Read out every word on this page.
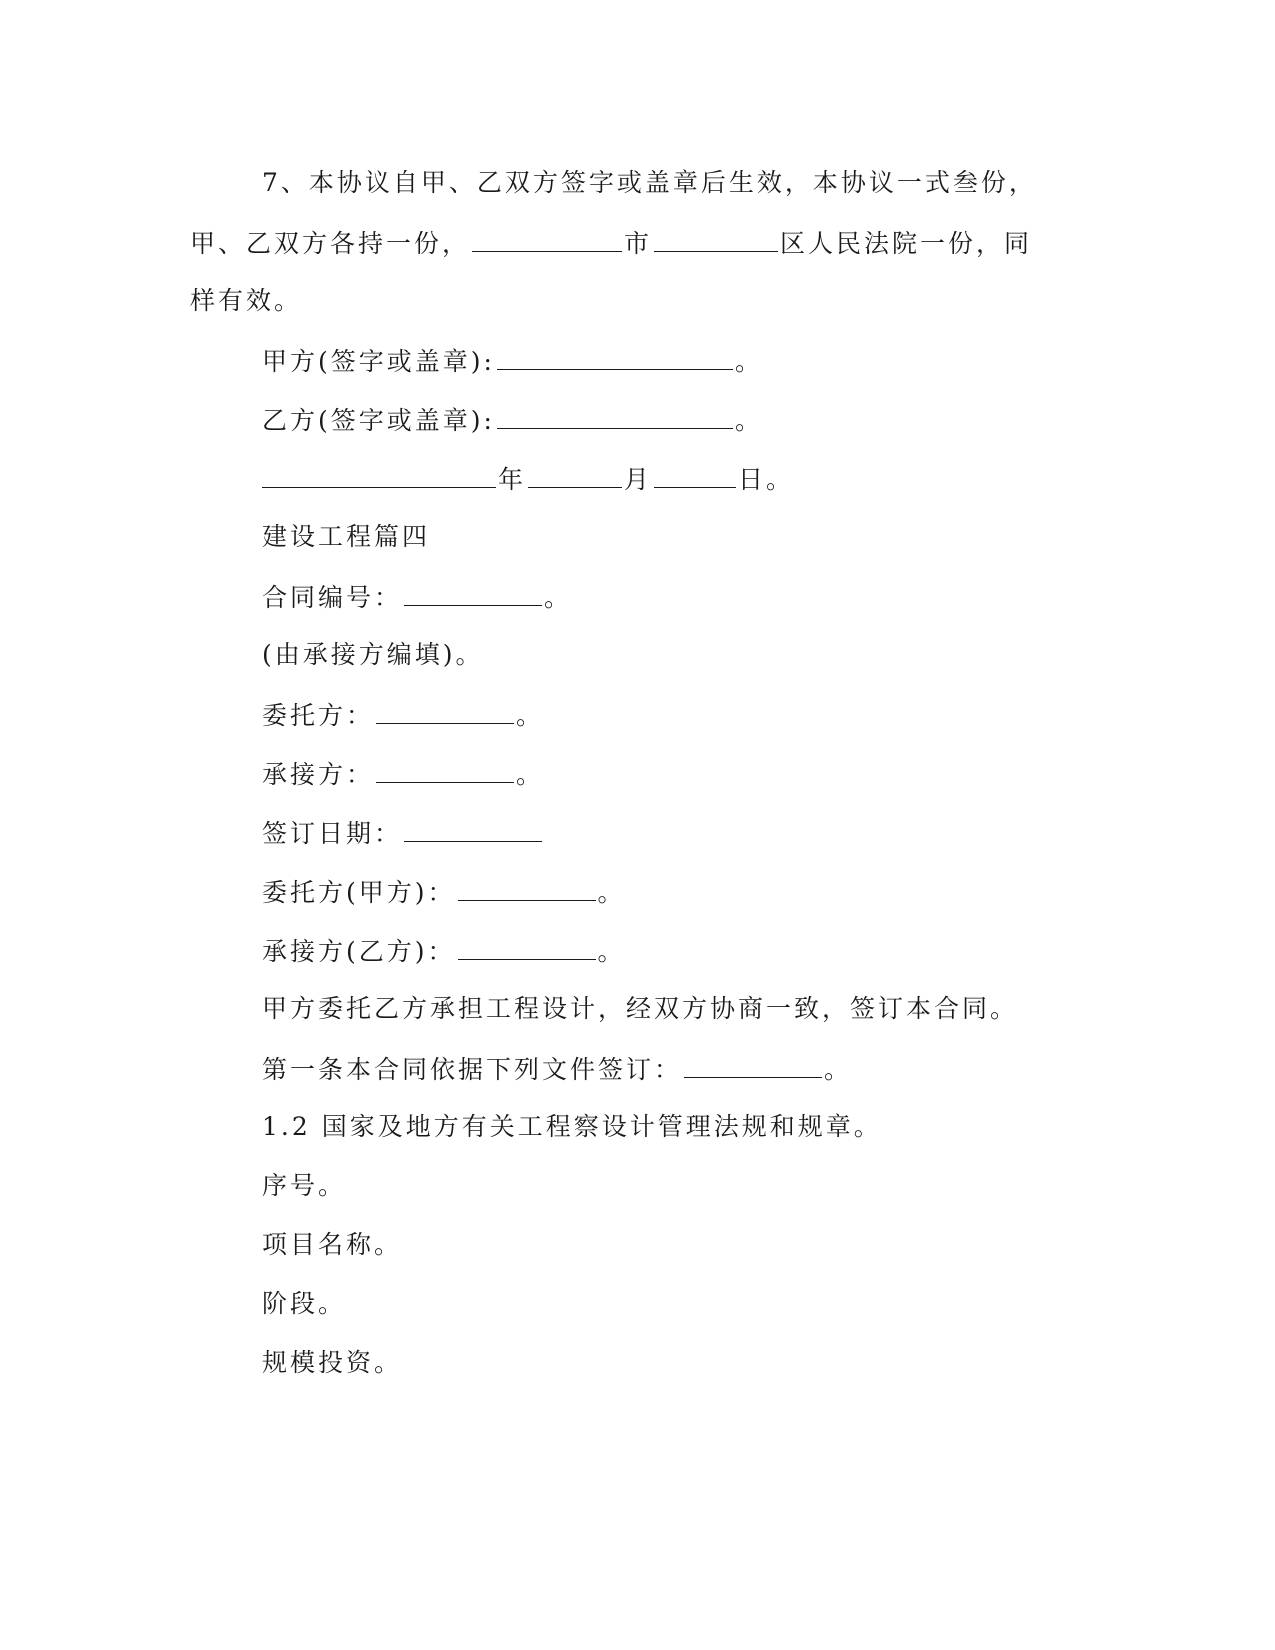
7、本协议自甲、乙双方签字或盖章后生效，本协议一式叁份，
甲、乙双方各持一份，	市	区人民法院一份，同
样有效。
甲方(签字或盖章):	。
乙方(签字或盖章):	。
年	月	日。
建设工程篇四
合同编号：	。
(由承接方编填)。
委托方：	。
承接方：	。
签订日期：
委托方(甲方)：	。
承接方(乙方)：	。
甲方委托乙方承担工程设计，经双方协商一致，签订本合同。
第一条本合同依据下列文件签订：	。
1.2 国家及地方有关工程察设计管理法规和规章。
序号。
项目名称。
阶段。
规模投资。
